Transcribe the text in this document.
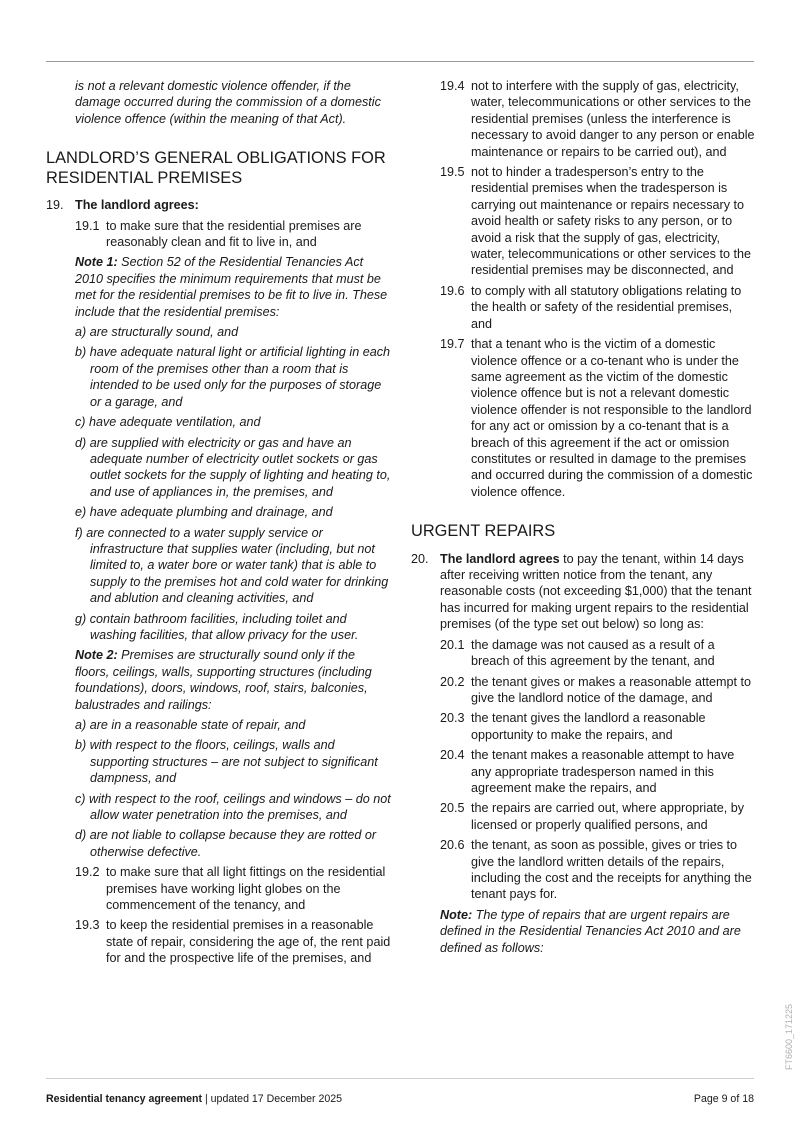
is not a relevant domestic violence offender, if the damage occurred during the commission of a domestic violence offence (within the meaning of that Act).

LANDLORD’S GENERAL OBLIGATIONS FOR RESIDENTIAL PREMISES
19. The landlord agrees:
19.1 to make sure that the residential premises are reasonably clean and fit to live in, and

Note 1: Section 52 of the Residential Tenancies Act 2010 specifies the minimum requirements that must be met for the residential premises to be fit to live in. These include that the residential premises:

a) are structurally sound, and

b) have adequate natural light or artificial lighting in each room of the premises other than a room that is intended to be used only for the purposes of storage or a garage, and

c) have adequate ventilation, and

d) are supplied with electricity or gas and have an adequate number of electricity outlet sockets or gas outlet sockets for the supply of lighting and heating to, and use of appliances in, the premises, and

e) have adequate plumbing and drainage, and

f) are connected to a water supply service or infrastructure that supplies water (including, but not limited to, a water bore or water tank) that is able to supply to the premises hot and cold water for drinking and ablution and cleaning activities, and

g) contain bathroom facilities, including toilet and washing facilities, that allow privacy for the user.

Note 2: Premises are structurally sound only if the floors, ceilings, walls, supporting structures (including foundations), doors, windows, roof, stairs, balconies, balustrades and railings:

a) are in a reasonable state of repair, and

b) with respect to the floors, ceilings, walls and supporting structures – are not subject to significant dampness, and

c) with respect to the roof, ceilings and windows – do not allow water penetration into the premises, and

d) are not liable to collapse because they are rotted or otherwise defective.

19.2 to make sure that all light fittings on the residential premises have working light globes on the commencement of the tenancy, and
19.3 to keep the residential premises in a reasonable state of repair, considering the age of, the rent paid for and the prospective life of the premises, and
19.4 not to interfere with the supply of gas, electricity, water, telecommunications or other services to the residential premises (unless the interference is necessary to avoid danger to any person or enable maintenance or repairs to be carried out), and
19.5 not to hinder a tradesperson’s entry to the residential premises when the tradesperson is carrying out maintenance or repairs necessary to avoid health or safety risks to any person, or to avoid a risk that the supply of gas, electricity, water, telecommunications or other services to the residential premises may be disconnected, and
19.6 to comply with all statutory obligations relating to the health or safety of the residential premises, and
19.7 that a tenant who is the victim of a domestic violence offence or a co-tenant who is under the same agreement as the victim of the domestic violence offence but is not a relevant domestic violence offender is not responsible to the landlord for any act or omission by a co-tenant that is a breach of this agreement if the act or omission constitutes or resulted in damage to the premises and occurred during the commission of a domestic violence offence.
URGENT REPAIRS
20. The landlord agrees to pay the tenant, within 14 days after receiving written notice from the tenant, any reasonable costs (not exceeding $1,000) that the tenant has incurred for making urgent repairs to the residential premises (of the type set out below) so long as:
20.1 the damage was not caused as a result of a breach of this agreement by the tenant, and
20.2 the tenant gives or makes a reasonable attempt to give the landlord notice of the damage, and
20.3 the tenant gives the landlord a reasonable opportunity to make the repairs, and
20.4 the tenant makes a reasonable attempt to have any appropriate tradesperson named in this agreement make the repairs, and
20.5 the repairs are carried out, where appropriate, by licensed or properly qualified persons, and
20.6 the tenant, as soon as possible, gives or tries to give the landlord written details of the repairs, including the cost and the receipts for anything the tenant pays for.

Note: The type of repairs that are urgent repairs are defined in the Residential Tenancies Act 2010 and are defined as follows:

FT6600_171225
Residential tenancy agreement | updated 17 December 2025	Page 9 of 18
